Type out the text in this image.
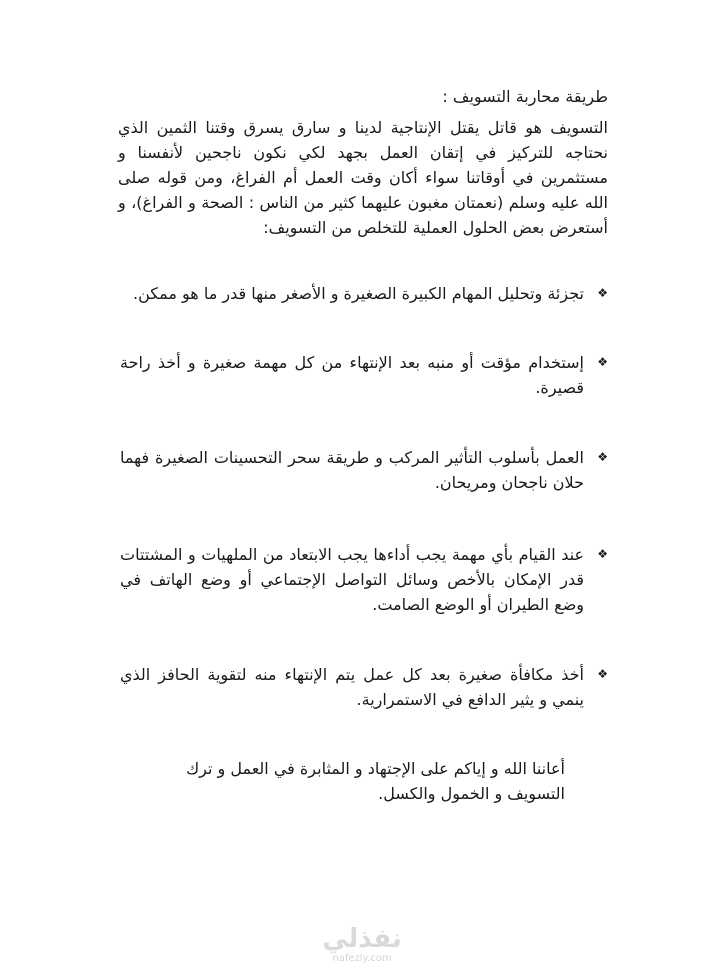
طريقة محاربة التسويف :
التسويف هو قاتل يقتل الإنتاجية لدينا و سارق يسرق وقتنا الثمين الذي نحتاجه للتركيز في إتقان العمل بجهد لكي نكون ناجحين لأنفسنا و مستثمرين في أوقاتنا سواء أكان وقت العمل أم الفراغ، ومن قوله صلى الله عليه وسلم (نعمتان مغبون عليهما كثير من الناس : الصحة و الفراغ)، و أستعرض بعض الحلول العملية للتخلص من التسويف:
❖
تجزئة وتحليل المهام الكبيرة الصغيرة و الأصغر منها قدر ما هو ممكن.
❖
إستخدام مؤقت أو منبه بعد الإنتهاء من كل مهمة صغيرة و أخذ راحة قصيرة.
❖
العمل بأسلوب التأثير المركب و طريقة سحر التحسينات الصغيرة فهما حلان ناجحان ومريحان.
❖
عند القيام بأي مهمة يجب أداءها يجب الابتعاد من الملهيات و المشتتات قدر الإمكان بالأخص وسائل التواصل الإجتماعي أو وضع الهاتف في وضع الطيران أو الوضع الصامت.
❖
أخذ مكافأة صغيرة بعد كل عمل يتم الإنتهاء منه لتقوية الحافز الذي ينمي و يثير الدافع في الاستمرارية.
أعاننا الله و إياكم على الإجتهاد و المثابرة في العمل و ترك التسويف و الخمول والكسل.
نفذلي
nafezly.com
